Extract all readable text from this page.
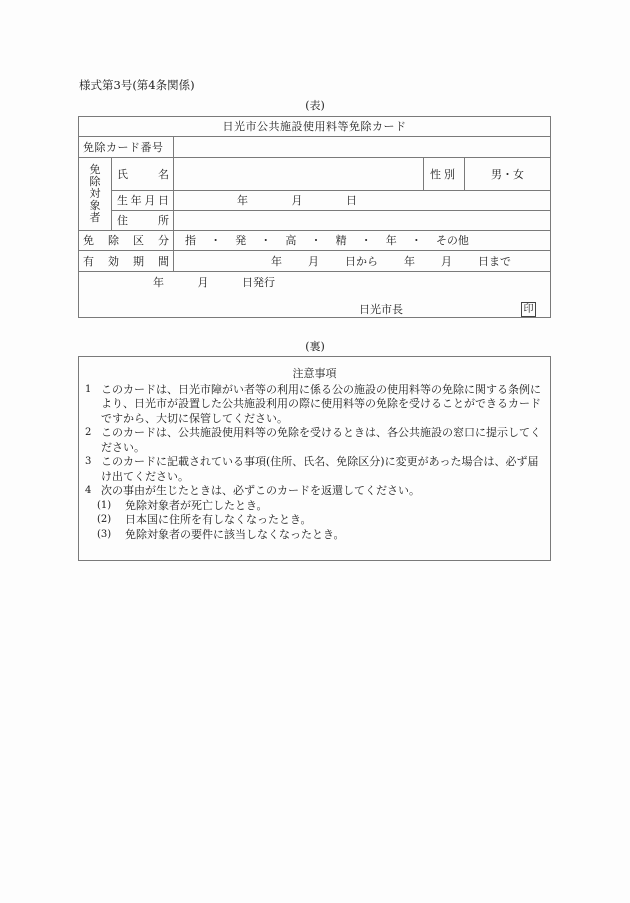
様式第3号(第4条関係)
(表)
日光市公共施設使用料等免除カード
免除カード番号
免
除
対
象
者
氏	名	性別	男・女
生 年 月 日	年	月	日
住	所
免 除 区 分 指 ・ 発 ・ 高 ・ 精 ・ 年 ・ その他
有 効 期 間	年 月 日から 年 月 日まで
年	月	日発行
日光市長	印
(裏)
注意事項
1 このカードは、日光市障がい者等の利用に係る公の施設の使用料等の免除に関する条例により、日光市が設置した公共施設利用の際に使用料等の免除を受けることができるカードですから、大切に保管してください。
2 このカードは、公共施設使用料等の免除を受けるときは、各公共施設の窓口に提示してください。
3 このカードに記載されている事項(住所、氏名、免除区分)に変更があった場合は、必ず届け出てください。
4 次の事由が生じたときは、必ずこのカードを返還してください。
(1)	免除対象者が死亡したとき。
(2)	日本国に住所を有しなくなったとき。
(3)	免除対象者の要件に該当しなくなったとき。
